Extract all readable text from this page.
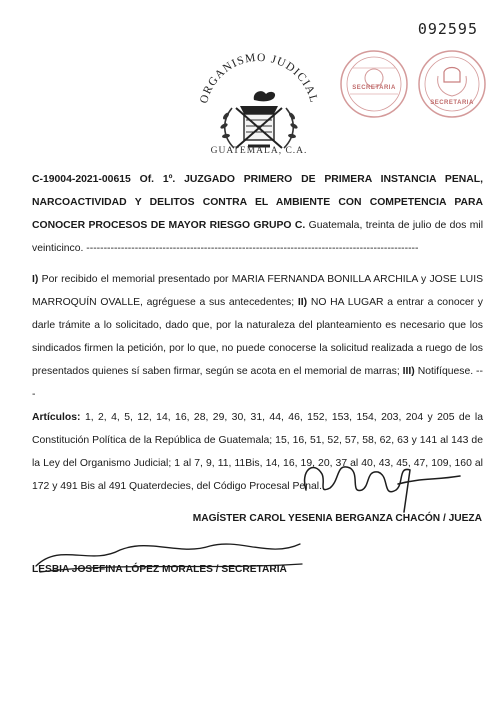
092595
ORGANISMO JUDICIAL
GUATEMALA, C.A.
SECRETARIA
SECRETARIA

C-19004-2021-00615 Of. 1º. JUZGADO PRIMERO DE PRIMERA INSTANCIA PENAL, NARCOACTIVIDAD Y DELITOS CONTRA EL AMBIENTE CON COMPETENCIA PARA CONOCER PROCESOS DE MAYOR RIESGO GRUPO C. Guatemala, treinta de julio de dos mil veinticinco. ------------------------------------------------------------------------------------------------

I) Por recibido el memorial presentado por MARIA FERNANDA BONILLA ARCHILA y JOSE LUIS MARROQUÍN OVALLE, agréguese a sus antecedentes; II) NO HA LUGAR a entrar a conocer y darle trámite a lo solicitado, dado que, por la naturaleza del planteamiento es necesario que los sindicados firmen la petición, por lo que, no puede conocerse la solicitud realizada a ruego de los presentados quienes sí saben firmar, según se acota en el memorial de marras; III) Notifíquese. ---

Artículos: 1, 2, 4, 5, 12, 14, 16, 28, 29, 30, 31, 44, 46, 152, 153, 154, 203, 204 y 205 de la Constitución Política de la República de Guatemala; 15, 16, 51, 52, 57, 58, 62, 63 y 141 al 143 de la Ley del Organismo Judicial; 1 al 7, 9, 11, 11Bis, 14, 16, 19, 20, 37 al 40, 43, 45, 47, 109, 160 al 172 y 491 Bis al 491 Quaterdecies, del Código Procesal Penal.

MAGÍSTER CAROL YESENIA BERGANZA CHACÓN / JUEZA
LESBIA JOSEFINA LÓPEZ MORALES / SECRETARIA
